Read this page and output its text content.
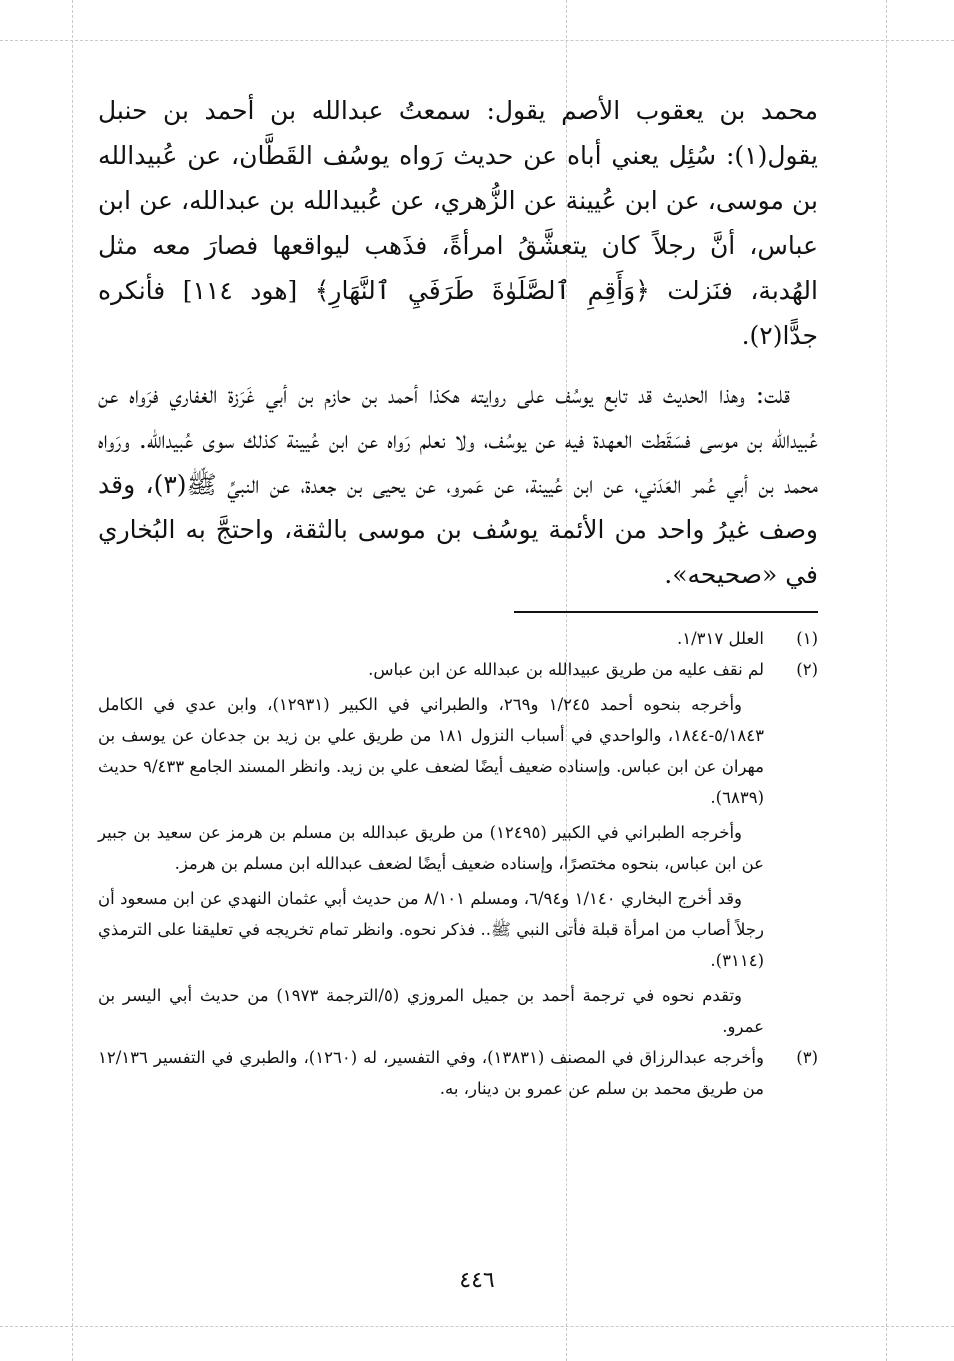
محمد بن يعقوب الأصم يقول: سمعتُ عبدالله بن أحمد بن حنبل يقول(١): سُئِل يعني أباه عن حديث رَواه يوسُف القَطَّان، عن عُبيدالله بن موسى، عن ابن عُيينة عن الزُّهري، عن عُبيدالله بن عبدالله، عن ابن عباس، أنَّ رجلاً كان يتعشَّقُ امرأةً، فذَهب ليواقعها فصارَ معه مثل الهُدبة، فنَزلت ﴿وَأَقِمِ ٱلصَّلَوٰةَ طَرَفَيِ ٱلنَّهَارِ﴾ [هود ١١٤] فأنكره جدًّا(٢).

قلت: وهذا الحديث قد تابع يوسُف على روايته هكذا أحمد بن حازم بن أبي غَرَزة الغفاري فرَواه عن عُبيدالله بن موسى فسَقَطت العهدة فيه عن يوسُف، ولا نعلم رَواه عن ابن عُيينة كذلك سوى عُبيدالله. ورَواه محمد بن أبي عُمر العَدَني، عن ابن عُيينة، عن عَمرو، عن يحيى بن جعدة، عن النبيِّ ﷺ(٣)، وقد وصف غيرُ واحد من الأئمة يوسُف بن موسى بالثقة، واحتجَّ به البُخاري في «صحيحه».

(١)

العلل ١/٣١٧.

(٢)

لم نقف عليه من طريق عبيدالله بن عبدالله عن ابن عباس.

وأخرجه بنحوه أحمد ١/٢٤٥ و٢٦٩، والطبراني في الكبير (١٢٩٣١)، وابن عدي في الكامل ٥/١٨٤٣-١٨٤٤، والواحدي في أسباب النزول ١٨١ من طريق علي بن زيد بن جدعان عن يوسف بن مهران عن ابن عباس. وإسناده ضعيف أيضًا لضعف علي بن زيد. وانظر المسند الجامع ٩/٤٣٣ حديث (٦٨٣٩).

وأخرجه الطبراني في الكبير (١٢٤٩٥) من طريق عبدالله بن مسلم بن هرمز عن سعيد بن جبير عن ابن عباس، بنحوه مختصرًا، وإسناده ضعيف أيضًا لضعف عبدالله ابن مسلم بن هرمز.

وقد أخرج البخاري ١/١٤٠ و٦/٩٤، ومسلم ٨/١٠١ من حديث أبي عثمان النهدي عن ابن مسعود أن رجلاً أصاب من امرأة قبلة فأتى النبي ﷺ.. فذكر نحوه. وانظر تمام تخريجه في تعليقنا على الترمذي (٣١١٤).

وتقدم نحوه في ترجمة أحمد بن جميل المروزي (٥/الترجمة ١٩٧٣) من حديث أبي اليسر بن عمرو.

(٣)

وأخرجه عبدالرزاق في المصنف (١٣٨٣١)، وفي التفسير، له (١٢٦٠)، والطبري في التفسير ١٢/١٣٦ من طريق محمد بن سلم عن عمرو بن دينار، به.

٤٤٦
